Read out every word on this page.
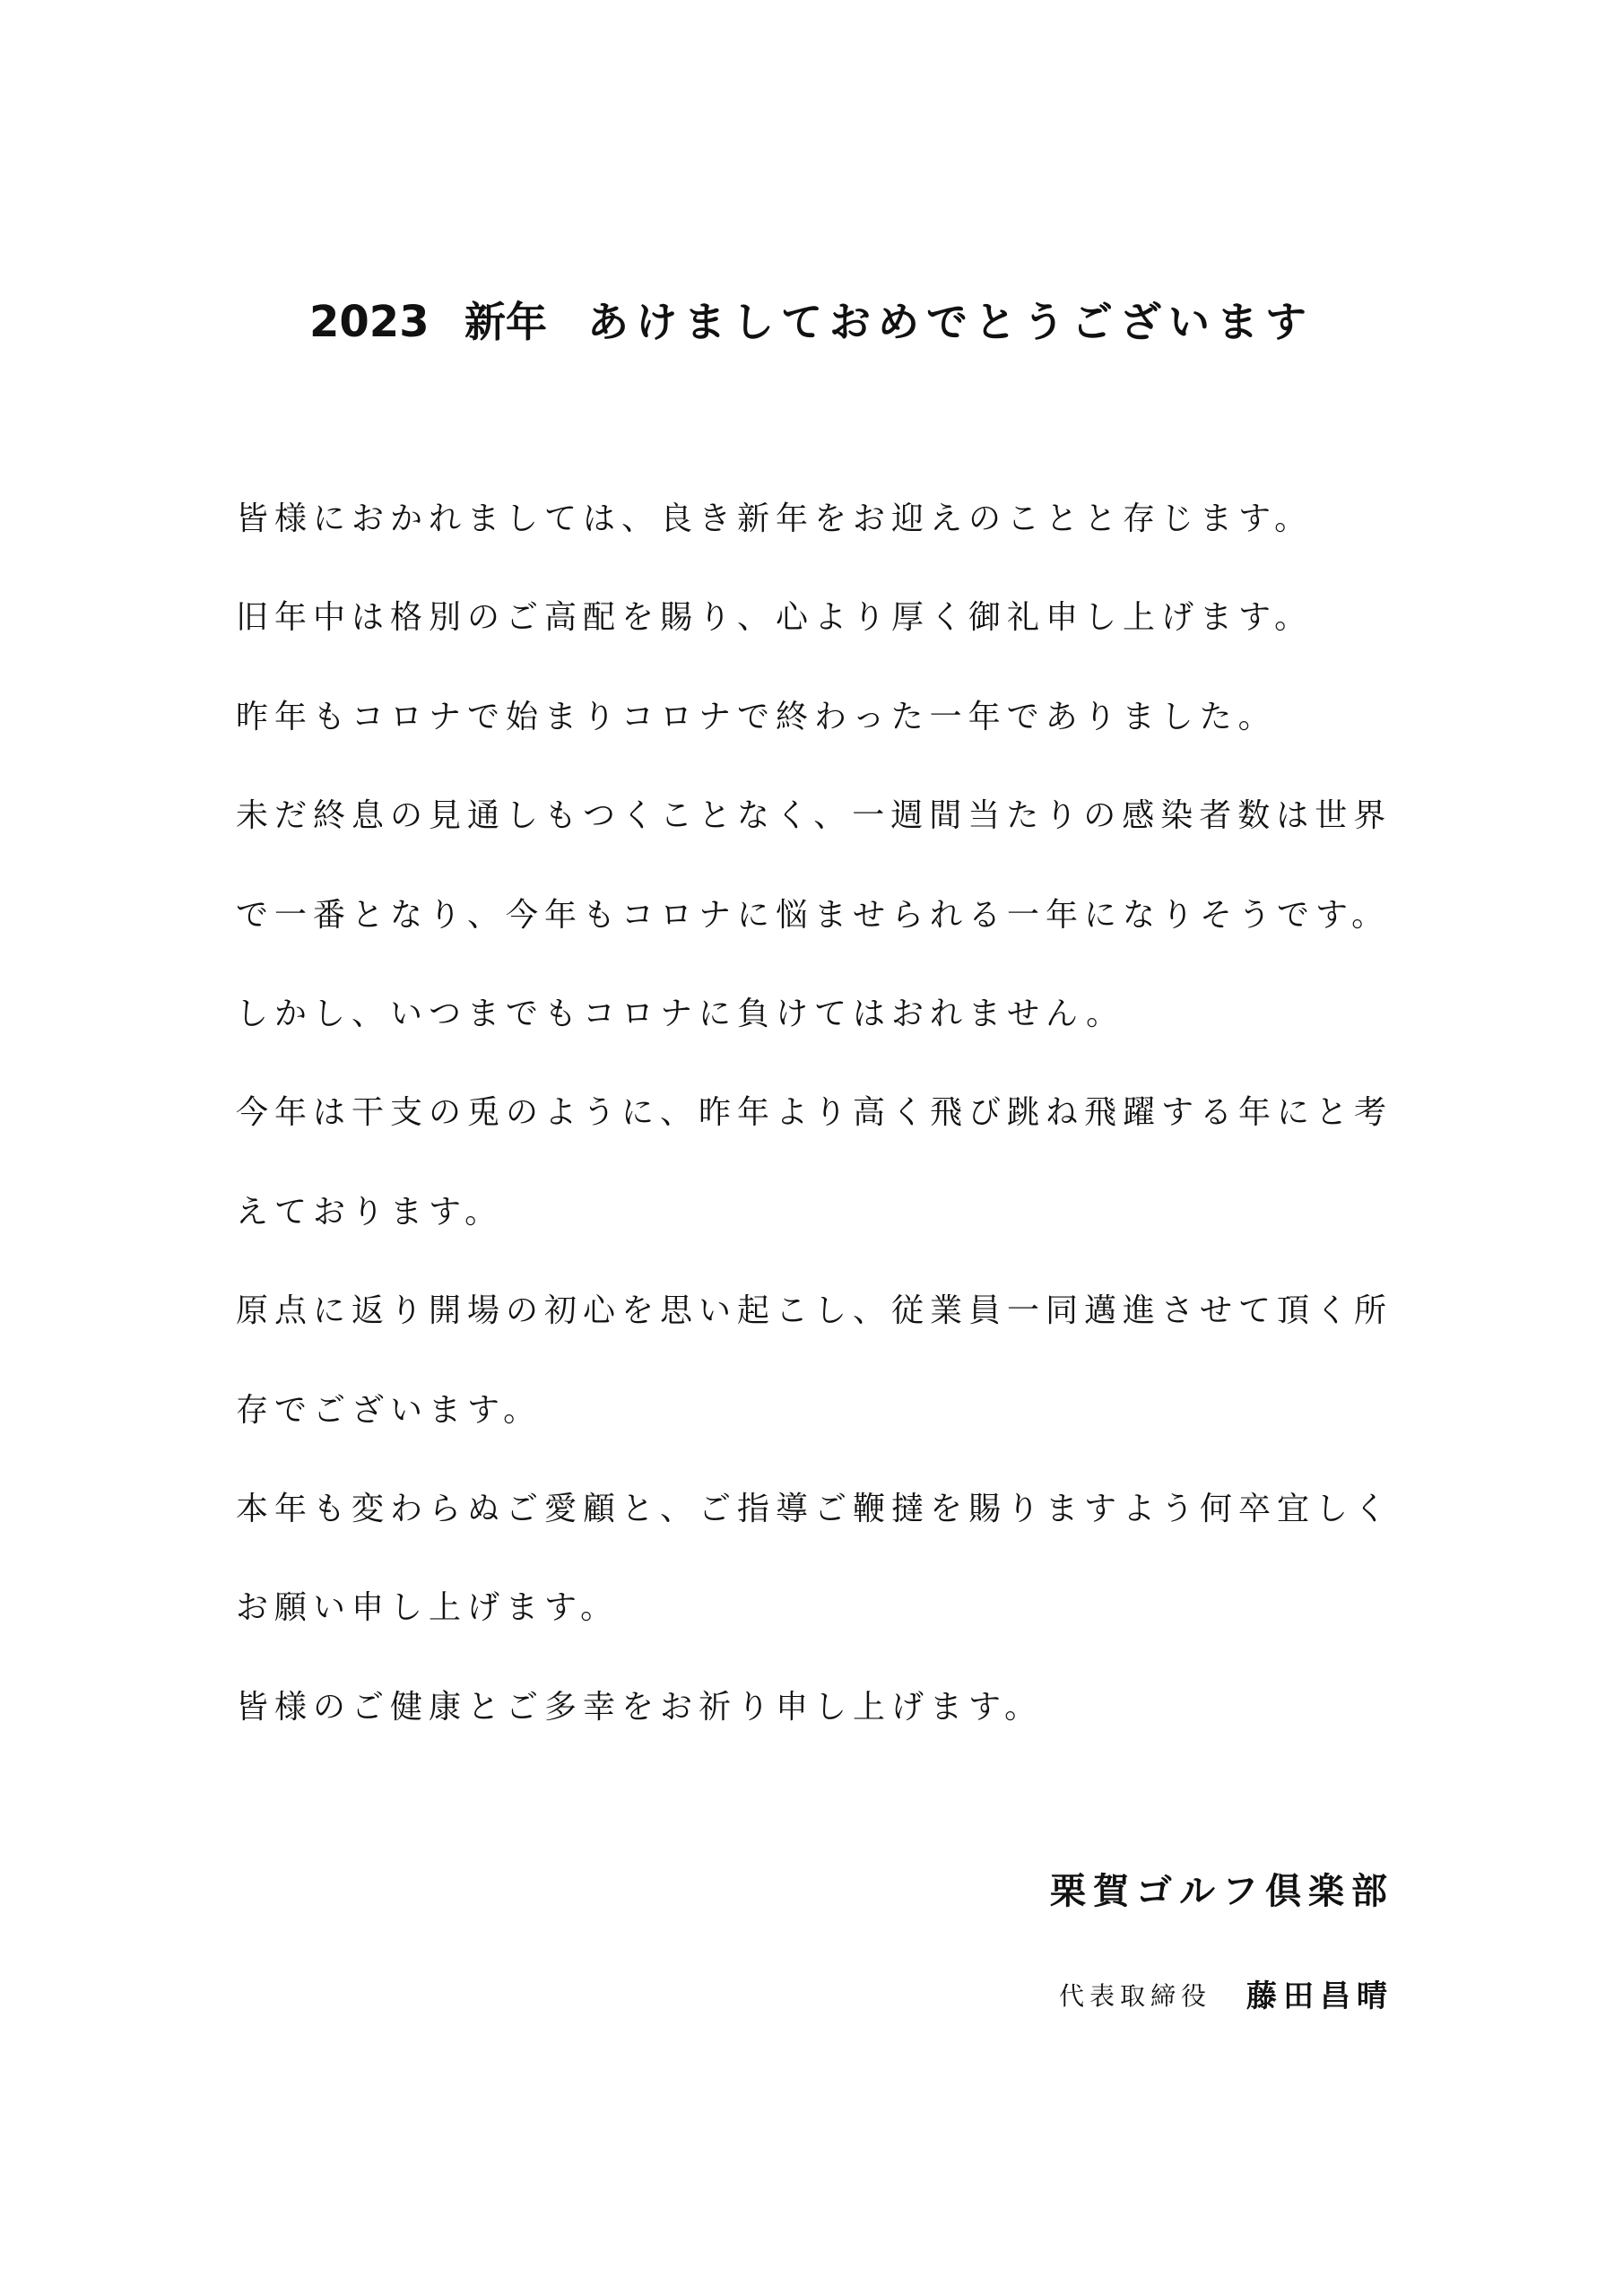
2023 新年 あけましておめでとうございます
皆様におかれましては、良き新年をお迎えのことと存じます。
旧年中は格別のご高配を賜り、心より厚く御礼申し上げます。
昨年もコロナで始まりコロナで終わった一年でありました。
未だ終息の見通しもつくことなく、一週間当たりの感染者数は世界
で一番となり、今年もコロナに悩ませられる一年になりそうです。
しかし、いつまでもコロナに負けてはおれません。
今年は干支の兎のように、昨年より高く飛び跳ね飛躍する年にと考
えております。
原点に返り開場の初心を思い起こし、従業員一同邁進させて頂く所
存でございます。
本年も変わらぬご愛顧と、ご指導ご鞭撻を賜りますよう何卒宜しく
お願い申し上げます。
皆様のご健康とご多幸をお祈り申し上げます。
栗賀ゴルフ倶楽部
代表取締役 藤田昌晴
